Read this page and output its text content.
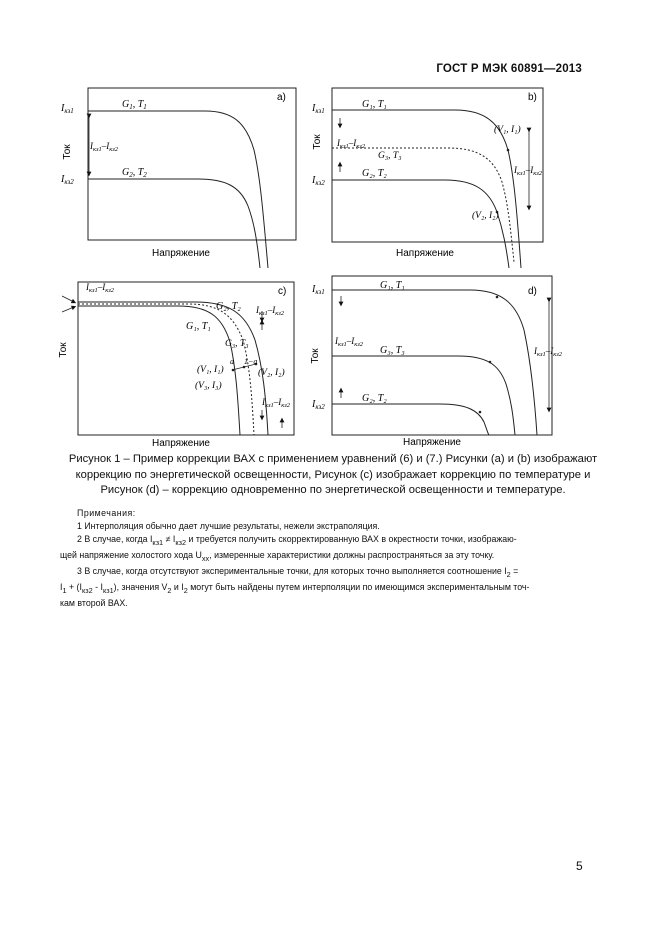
ГОСТ Р МЭК 60891—2013
a)
Ток
Напряжение
$I_{кз1}$
$I_{кз2}$
$I_{кз1}-I_{кз2}$
$G_1$, $T_1$
$G_2$, $T_2$
b)
Ток
Напряжение
$I_{кз1}$
$I_{кз2}$
$I_{кз1}-I_{кз2}$
$I_{кз1}-I_{кз2}$
G₁, T₁
G₃, T₃
G₂, T₂
(V₁, I₁)
(V₂, I₂)
c)
Ток
Напряжение
$I_{кз1}-I_{кз2}$
$I_{кз1}-I_{кз2}$
$I_{кз1}-I_{кз2}$
G₂, T₂
G₁, T₁
G₃, T₃
a 1−a
(V₁, I₁)	(V₂, I₂)
(V₃, I₃)
d)
Ток
Напряжение
$I_{кз1}$
$I_{кз2}$
$I_{кз1}-I_{кз2}$
$I_{кз1}-I_{кз2}$
G₁, T₁
G₃, T₃
G₂, T₂
Рисунок 1 – Пример коррекции ВАХ с применением уравнений (6) и (7.) Рисунки (а) и (b) изображают
коррекцию по энергетической освещенности, Рисунок (c) изображает коррекцию по температуре и
Рисунок (d) – коррекцию одновременно по энергетической освещенности и температуре.

Примечания:

1 Интерполяция обычно дает лучшие результаты, нежели экстраполяция.

2 В случае, когда $I_{кз1} \ne I_{кз2}$ и требуется получить скорректированную ВАХ в окрестности точки, изображаю-

щей напряжение холостого хода $U_{хх}$, измеренные характеристики должны распространяться за эту точку.

3 В случае, когда отсутствуют экспериментальные точки, для которых точно выполняется соотношение $I_2$ =

$I_1 + (I_{кз2} - I_{кз1})$, значения $V_2$ и $I_2$ могут быть найдены путем интерполяции по имеющимся экспериментальным точ-

кам второй ВАХ.

5
